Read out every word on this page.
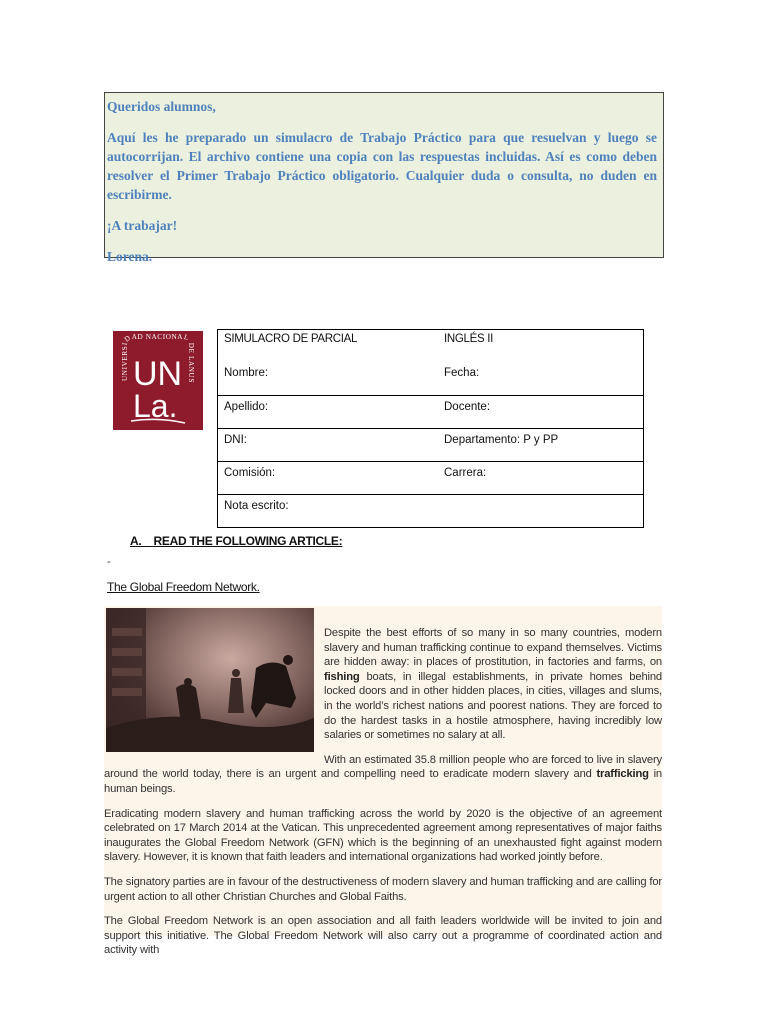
Queridos alumnos,

Aquí les he preparado un simulacro de Trabajo Práctico para que resuelvan y luego se autocorrijan. El archivo contiene una copia con las respuestas incluidas. Así es como deben resolver el Primer Trabajo Práctico obligatorio. Cualquier duda o consulta, no duden en escribirme.

¡A trabajar!

Lorena.

UNIVERSIDAD NACIONAL DE LANUS
UN
La.
SIMULACRO DE PARCIAL	INGLÉS II
Nombre:	Fecha:
Apellido:	Docente:
DNI:	Departamento: P y PP
Comisión:	Carrera:
Nota escrito:	
A.    READ THE FOLLOWING ARTICLE:
-
The Global Freedom Network.

Despite the best efforts of so many in so many countries, modern slavery and human trafficking continue to expand themselves. Victims are hidden away: in places of prostitution, in factories and farms, on fishing boats, in illegal establishments, in private homes behind locked doors and in other hidden places, in cities, villages and slums, in the world’s richest nations and poorest nations. They are forced to do the hardest tasks in a hostile atmosphere, having incredibly low salaries or sometimes no salary at all.

With an estimated 35.8 million people who are forced to live in slavery around the world today, there is an urgent and compelling need to eradicate modern slavery and trafficking in human beings.

Eradicating modern slavery and human trafficking across the world by 2020 is the objective of an agreement celebrated on 17 March 2014 at the Vatican. This unprecedented agreement among representatives of major faiths inaugurates the Global Freedom Network (GFN) which is the beginning of an unexhausted fight against modern slavery. However, it is known that faith leaders and international organizations had worked jointly before.

The signatory parties are in favour of the destructiveness of modern slavery and human trafficking and are calling for urgent action to all other Christian Churches and Global Faiths.

The Global Freedom Network is an open association and all faith leaders worldwide will be invited to join and support this initiative. The Global Freedom Network will also carry out a programme of coordinated action and activity with
